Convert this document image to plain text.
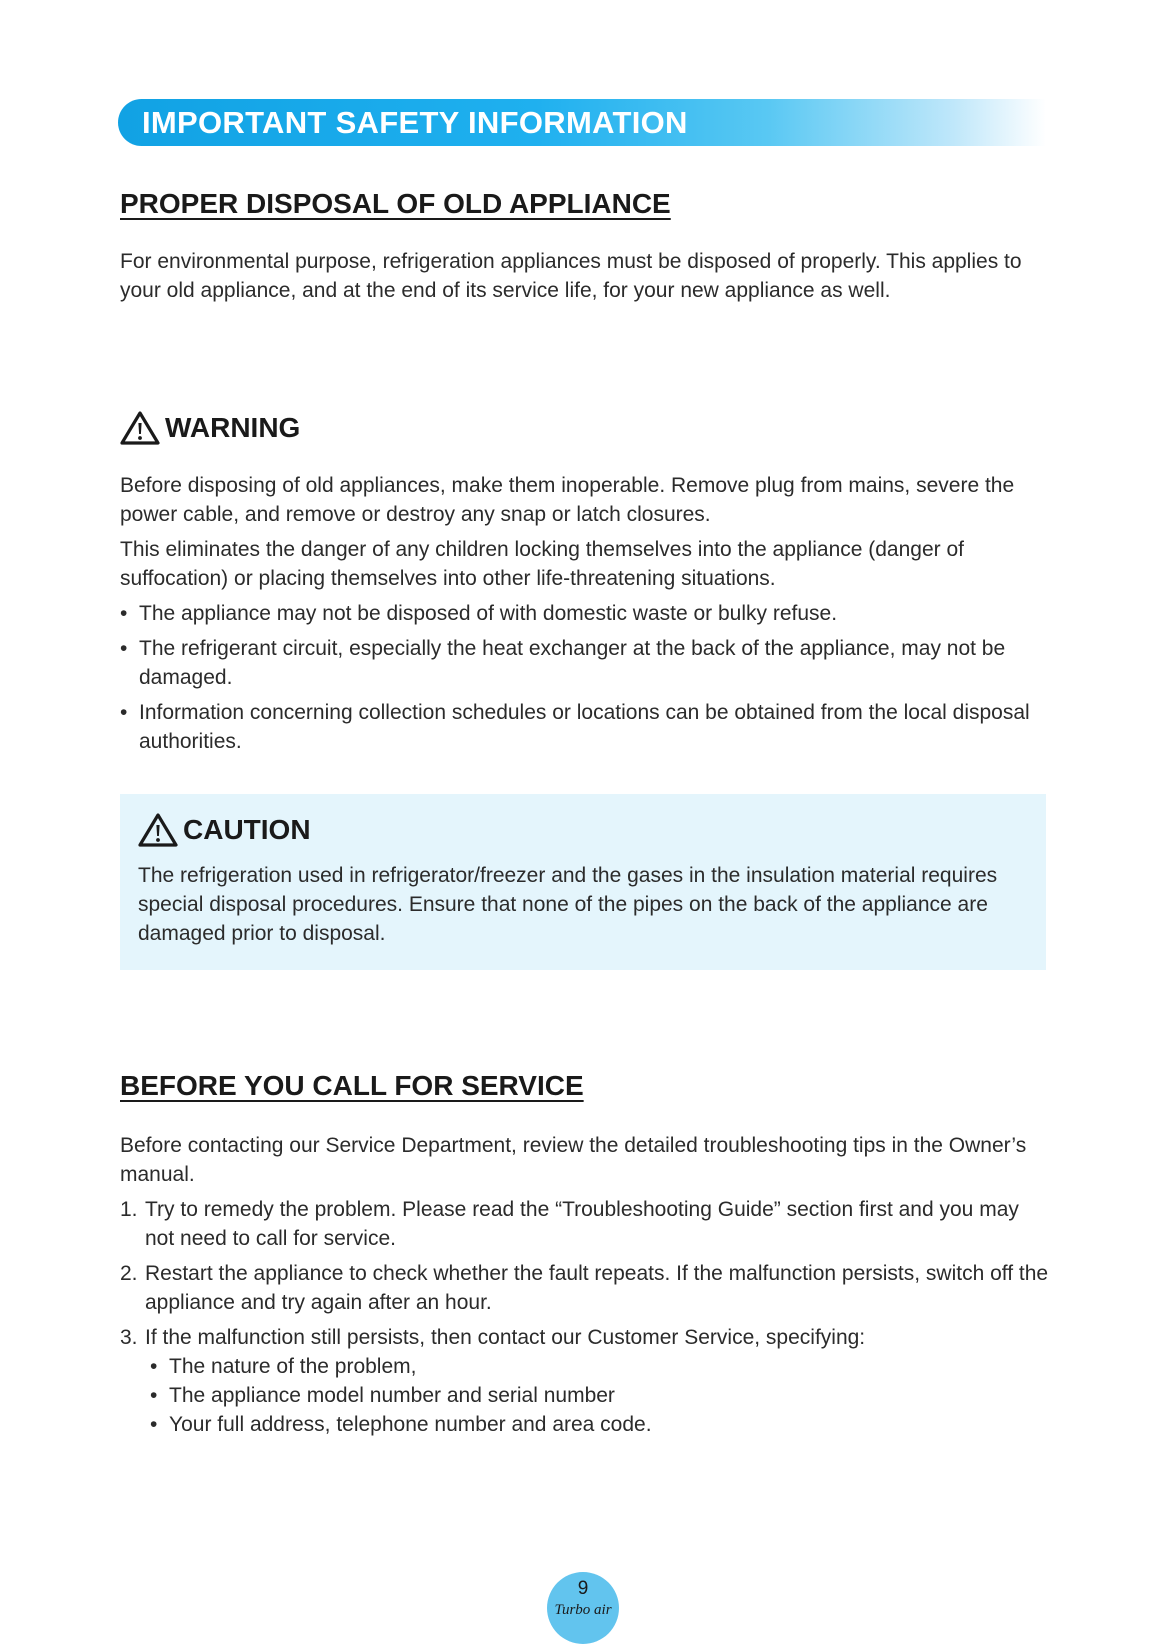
IMPORTANT SAFETY INFORMATION
PROPER DISPOSAL OF OLD APPLIANCE

For environmental purpose, refrigeration appliances must be disposed of properly. This applies to your old appliance, and at the end of its service life, for your new appliance as well.

WARNING

Before disposing of old appliances, make them inoperable. Remove plug from mains, severe the power cable, and remove or destroy any snap or latch closures.

This eliminates the danger of any children locking themselves into the appliance (danger of suffocation) or placing themselves into other life-threatening situations.

• The appliance may not be disposed of with domestic waste or bulky refuse.
• The refrigerant circuit, especially the heat exchanger at the back of the appliance, may not be damaged.
• Information concerning collection schedules or locations can be obtained from the local disposal authorities.
CAUTION

The refrigeration used in refrigerator/freezer and the gases in the insulation material requires special disposal procedures. Ensure that none of the pipes on the back of the appliance are damaged prior to disposal.

BEFORE YOU CALL FOR SERVICE

Before contacting our Service Department, review the detailed troubleshooting tips in the Owner’s manual.

1. Try to remedy the problem. Please read the “Troubleshooting Guide” section first and you may not need to call for service.
2. Restart the appliance to check whether the fault repeats. If the malfunction persists, switch off the appliance and try again after an hour.
3. If the malfunction still persists, then contact our Customer Service, specifying:
• The nature of the problem,
• The appliance model number and serial number
• Your full address, telephone number and area code.
9
Turbo air
